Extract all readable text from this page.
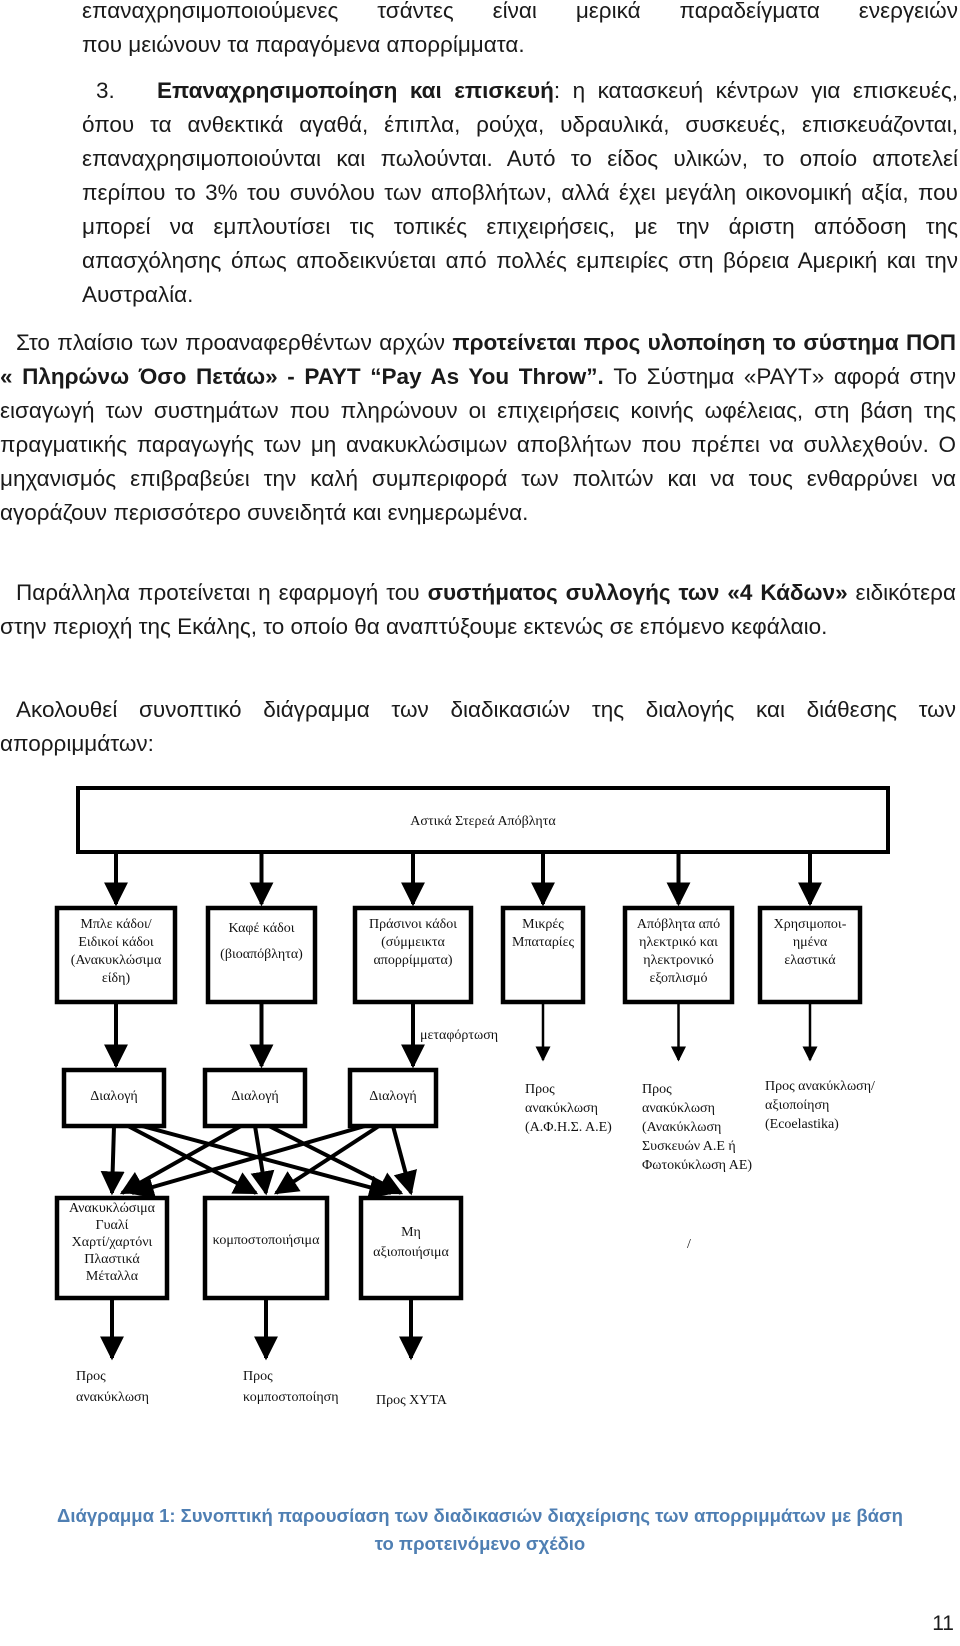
επαναχρησιμοποιούμενες τσάντες είναι μερικά παραδείγματα ενεργειών
που μειώνουν τα παραγόμενα απορρίμματα.
3. Επαναχρησιμοποίηση και επισκευή: η κατασκευή κέντρων για επισκευές, όπου τα ανθεκτικά αγαθά, έπιπλα, ρούχα, υδραυλικά, συσκευές, επισκευάζονται, επαναχρησιμοποιούνται και πωλούνται. Αυτό το είδος υλικών, το οποίο αποτελεί περίπου το 3% του συνόλου των αποβλήτων, αλλά έχει μεγάλη οικονομική αξία, που μπορεί να εμπλουτίσει τις τοπικές επιχειρήσεις, με την άριστη απόδοση της απασχόλησης όπως αποδεικνύεται από πολλές εμπειρίες στη βόρεια Αμερική και την Αυστραλία.
Στο πλαίσιο των προαναφερθέντων αρχών προτείνεται προς υλοποίηση το σύστημα ΠΟΠ « Πληρώνω Όσο Πετάω» - PAYT “Pay As You Throw”. Το Σύστημα «PAYT» αφορά στην εισαγωγή των συστημάτων που πληρώνουν οι επιχειρήσεις κοινής ωφέλειας, στη βάση της πραγματικής παραγωγής των μη ανακυκλώσιμων αποβλήτων που πρέπει να συλλεχθούν. Ο μηχανισμός επιβραβεύει την καλή συμπεριφορά των πολιτών και να τους ενθαρρύνει να αγοράζουν περισσότερο συνειδητά και ενημερωμένα.
Παράλληλα προτείνεται η εφαρμογή του συστήματος συλλογής των «4 Κάδων» ειδικότερα στην περιοχή της Εκάλης, το οποίο θα αναπτύξουμε εκτενώς σε επόμενο κεφάλαιο.
Ακολουθεί συνοπτικό διάγραμμα των διαδικασιών της διαλογής και διάθεσης των απορριμμάτων:
Αστικά Στερεά Απόβλητα
Μπλε κάδοι/
Ειδικοί κάδοι
(Ανακυκλώσιμα
είδη)
Καφέ κάδοι
(βιοαπόβλητα)
Πράσινοι κάδοι
(σύμμεικτα
απορρίμματα)
Μικρές
Μπαταρίες
Απόβλητα από
ηλεκτρικό και
ηλεκτρονικό
εξοπλισμό
Χρησιμοποι-
ημένα
ελαστικά
μεταφόρτωση
Διαλογή	Διαλογή	Διαλογή	Προς
ανακύκλωση
(Α.Φ.Η.Σ. Α.Ε)
Προς
ανακύκλωση
(Ανακύκλωση
Συσκευών Α.Ε ή
Φωτοκύκλωση ΑΕ)
Προς ανακύκλωση/
αξιοποίηση
(Ecoelastika)
Ανακυκλώσιμα
Γυαλί
Χαρτί/χαρτόνι
Πλαστικά
Μέταλλα
κομποστοποιήσιμα
Μη
αξιοποιήσιμα
/
Προς
ανακύκλωση
Προς
κομποστοποίηση	Προς ΧΥΤΑ
Διάγραμμα 1: Συνοπτική παρουσίαση των διαδικασιών διαχείρισης των απορριμμάτων με βάση
το προτεινόμενο σχέδιο
11
